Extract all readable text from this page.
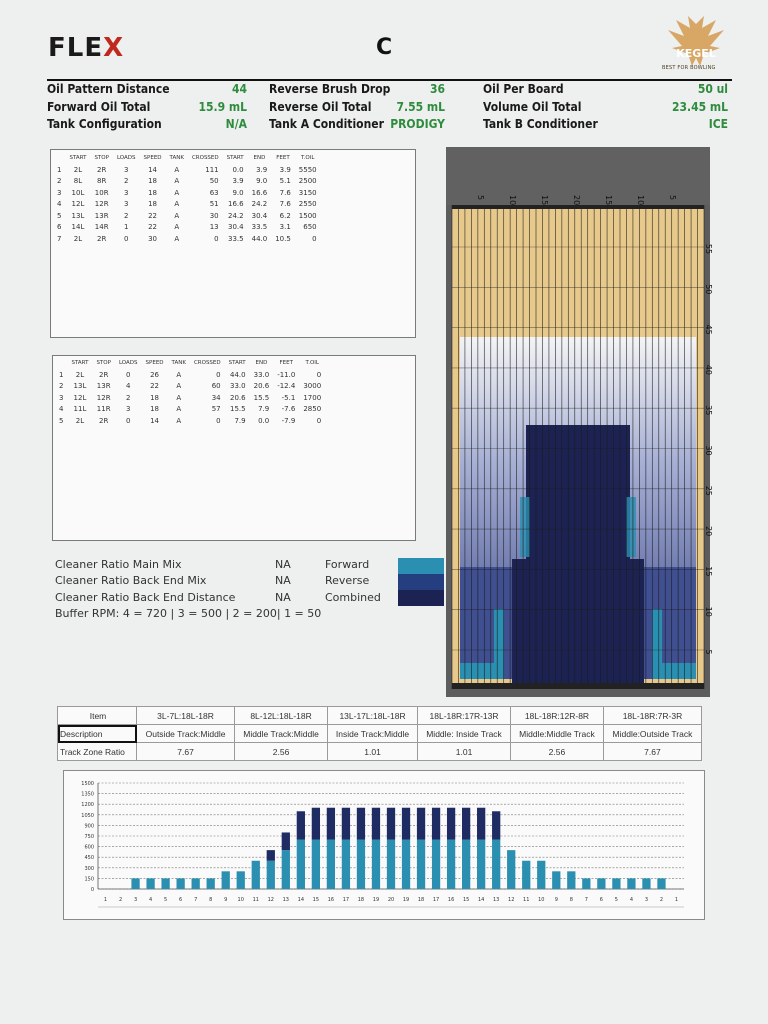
FLEX	C	KEGEL
BEST FOR BOWLING
Oil Pattern Distance	44 Reverse Brush Drop	36	Oil Per Board	50 ul
Forward Oil Total	15.9 mL Reverse Oil Total 7.55 mL	Volume Oil Total	23.45 mL
Tank Configuration	N/A Tank A Conditioner PRODIGY	Tank B Conditioner	ICE
	START	STOP	LOADS	SPEED	TANK	CROSSED	START	END	FEET	T.OIL
1	2L	2R	3	14	A	111	0.0	3.9	3.9	5550
2	8L	8R	2	18	A	50	3.9	9.0	5.1	2500
3	10L	10R	3	18	A	63	9.0	16.6	7.6	3150
4	12L	12R	3	18	A	51	16.6	24.2	7.6	2550
5	13L	13R	2	22	A	30	24.2	30.4	6.2	1500
6	14L	14R	1	22	A	13	30.4	33.5	3.1	650
7	2L	2R	0	30	A	0	33.5	44.0	10.5	0
	START	STOP	LOADS	SPEED	TANK	CROSSED	START	END	FEET	T.OIL
1	2L	2R	0	26	A	0	44.0	33.0	-11.0	0
2	13L	13R	4	22	A	60	33.0	20.6	-12.4	3000
3	12L	12R	2	18	A	34	20.6	15.5	-5.1	1700
4	11L	11R	3	18	A	57	15.5	7.9	-7.6	2850
5	2L	2R	0	14	A	0	7.9	0.0	-7.9	0
Cleaner Ratio Main Mix	NA	Forward
Cleaner Ratio Back End Mix	NA	Reverse
Cleaner Ratio Back End Distance	NA	Combined
Buffer RPM: 4 = 720 | 3 = 500 | 2 = 200| 1 = 50
5	10	15	20	15	10	5
55
50
45
40
35
30
25
20
15
10
5
Item	3L-7L:18L-18R	8L-12L:18L-18R	13L-17L:18L-18R	18L-18R:17R-13R	18L-18R:12R-8R	18L-18R:7R-3R
Description	Outside Track:Middle	Middle Track:Middle	Inside Track:Middle	Middle: Inside Track	Middle:Middle Track	Middle:Outside Track
Track Zone Ratio	7.67	2.56	1.01	1.01	2.56	7.67
1500
1350
1200
1050
900
750
600
450
300
150
0
1 2 3 4 5 6 7 8 9 10 11 12 13 14 15 16 17 18 19 20 19 18 17 16 15 14 13 12 11 10 9 8 7 6 5 4 3 2 1
